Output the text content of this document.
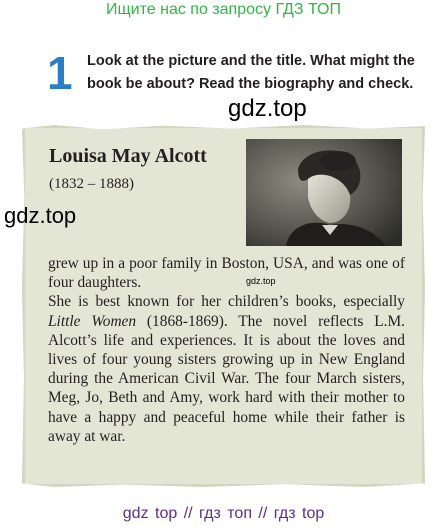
Ищите нас по запросу ГДЗ ТОП
1 Look at the picture and the title. What might the book be about? Read the biography and check.
gdz.top
Louisa May Alcott
(1832 – 1888)
gdz.top

grew up in a poor family in Boston, USA, and was one of four daughters.

She is best known for her children’s books, especially Little Women (1868-1869). The novel reflects L.M. Alcott’s life and experiences. It is about the loves and lives of four young sisters growing up in New England during the American Civil War. The four March sisters, Meg, Jo, Beth and Amy, work hard with their mother to have a happy and peaceful home while their father is away at war.

gdz.top
gdz top // гдз топ // гдз top
